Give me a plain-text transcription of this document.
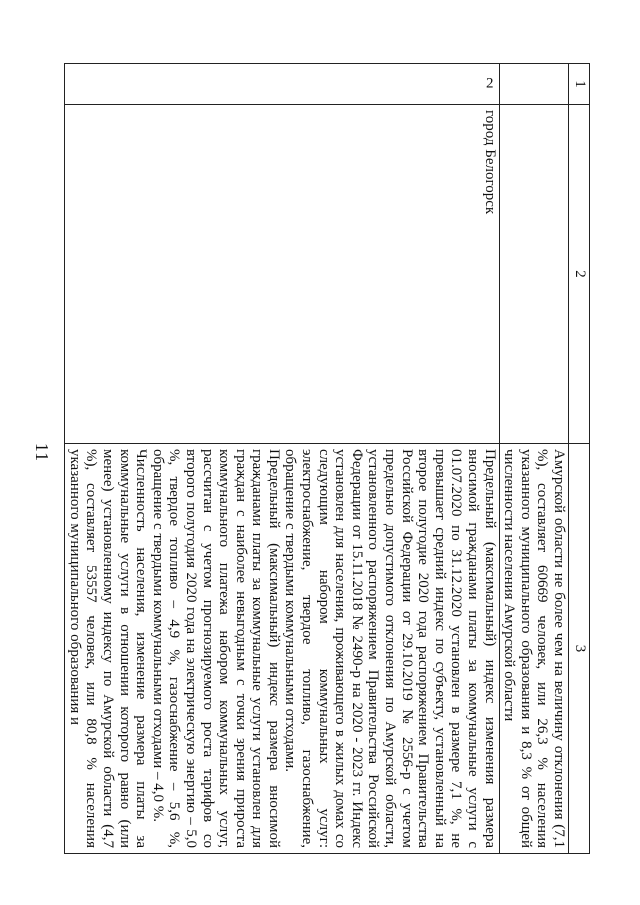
11
1	2	3

		Амурской области не более чем на величину отклонения (7,1 %), составляет 60669 человек, или 26,3 % населения указанного муниципального образования и 8,3 % от общей численности населения Амурской области

2	город Белогорск	Предельный (максимальный) индекс изменения размера вносимой гражданами платы за коммунальные услуги с 01.07.2020 по 31.12.2020 установлен в размере 7,1 %, не превышает средний индекс по субъекту, установленный на второе полугодие 2020 года распоряжением Правительства Российской Федерации от 29.10.2019 № 2556-р с учетом предельно допустимого отклонения по Амурской области, установленного распоряжением Правительства Российской Федерации от 15.11.2018 № 2490-р на 2020 - 2023 гг. Индекс установлен для населения, проживающего в жилых домах со следующим набором коммунальных услуг: электроснабжение, твердое топливо, газоснабжение, обращение с твердыми коммунальными отходами.

Предельный (максимальный) индекс размера вносимой гражданами платы за коммунальные услуги установлен для граждан с наиболее невыгодным с точки зрения прироста коммунального платежа набором коммунальных услуг, рассчитан с учетом прогнозируемого роста тарифов со второго полугодия 2020 года на электрическую энергию – 5,0 %, твердое топливо – 4,9 %, газоснабжение – 5,6 %, обращение с твердыми коммунальными отходами – 4,0 %.

Численность населения, изменение размера платы за коммунальные услуги в отношении которого равно (или менее) установленному индексу по Амурской области (4,7 %), составляет 53557 человек, или 80,8 % населения указанного муниципального образования и
